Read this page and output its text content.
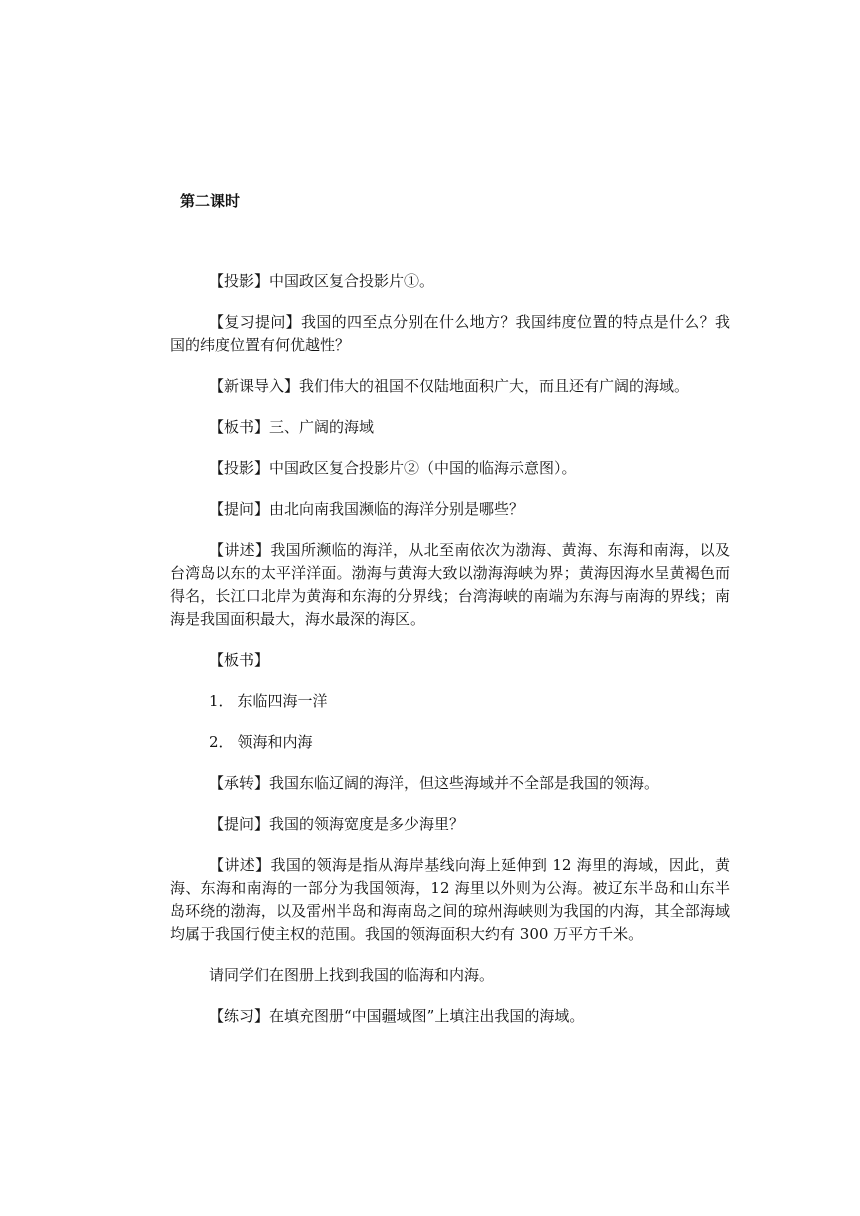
第二课时

【投影】中国政区复合投影片①。

【复习提问】我国的四至点分别在什么地方？我国纬度位置的特点是什么？我国的纬度位置有何优越性？

【新课导入】我们伟大的祖国不仅陆地面积广大，而且还有广阔的海域。

【板书】三、广阔的海域

【投影】中国政区复合投影片②（中国的临海示意图）。

【提问】由北向南我国濒临的海洋分别是哪些？

【讲述】我国所濒临的海洋，从北至南依次为渤海、黄海、东海和南海，以及台湾岛以东的太平洋洋面。渤海与黄海大致以渤海海峡为界；黄海因海水呈黄褐色而得名，长江口北岸为黄海和东海的分界线；台湾海峡的南端为东海与南海的界线；南海是我国面积最大，海水最深的海区。

【板书】

1． 东临四海一洋

2． 领海和内海

【承转】我国东临辽阔的海洋，但这些海域并不全部是我国的领海。

【提问】我国的领海宽度是多少海里？

【讲述】我国的领海是指从海岸基线向海上延伸到 12 海里的海域，因此，黄海、东海和南海的一部分为我国领海，12 海里以外则为公海。被辽东半岛和山东半岛环绕的渤海，以及雷州半岛和海南岛之间的琼州海峡则为我国的内海，其全部海域均属于我国行使主权的范围。我国的领海面积大约有 300 万平方千米。

请同学们在图册上找到我国的临海和内海。

【练习】在填充图册“中国疆域图”上填注出我国的海域。
